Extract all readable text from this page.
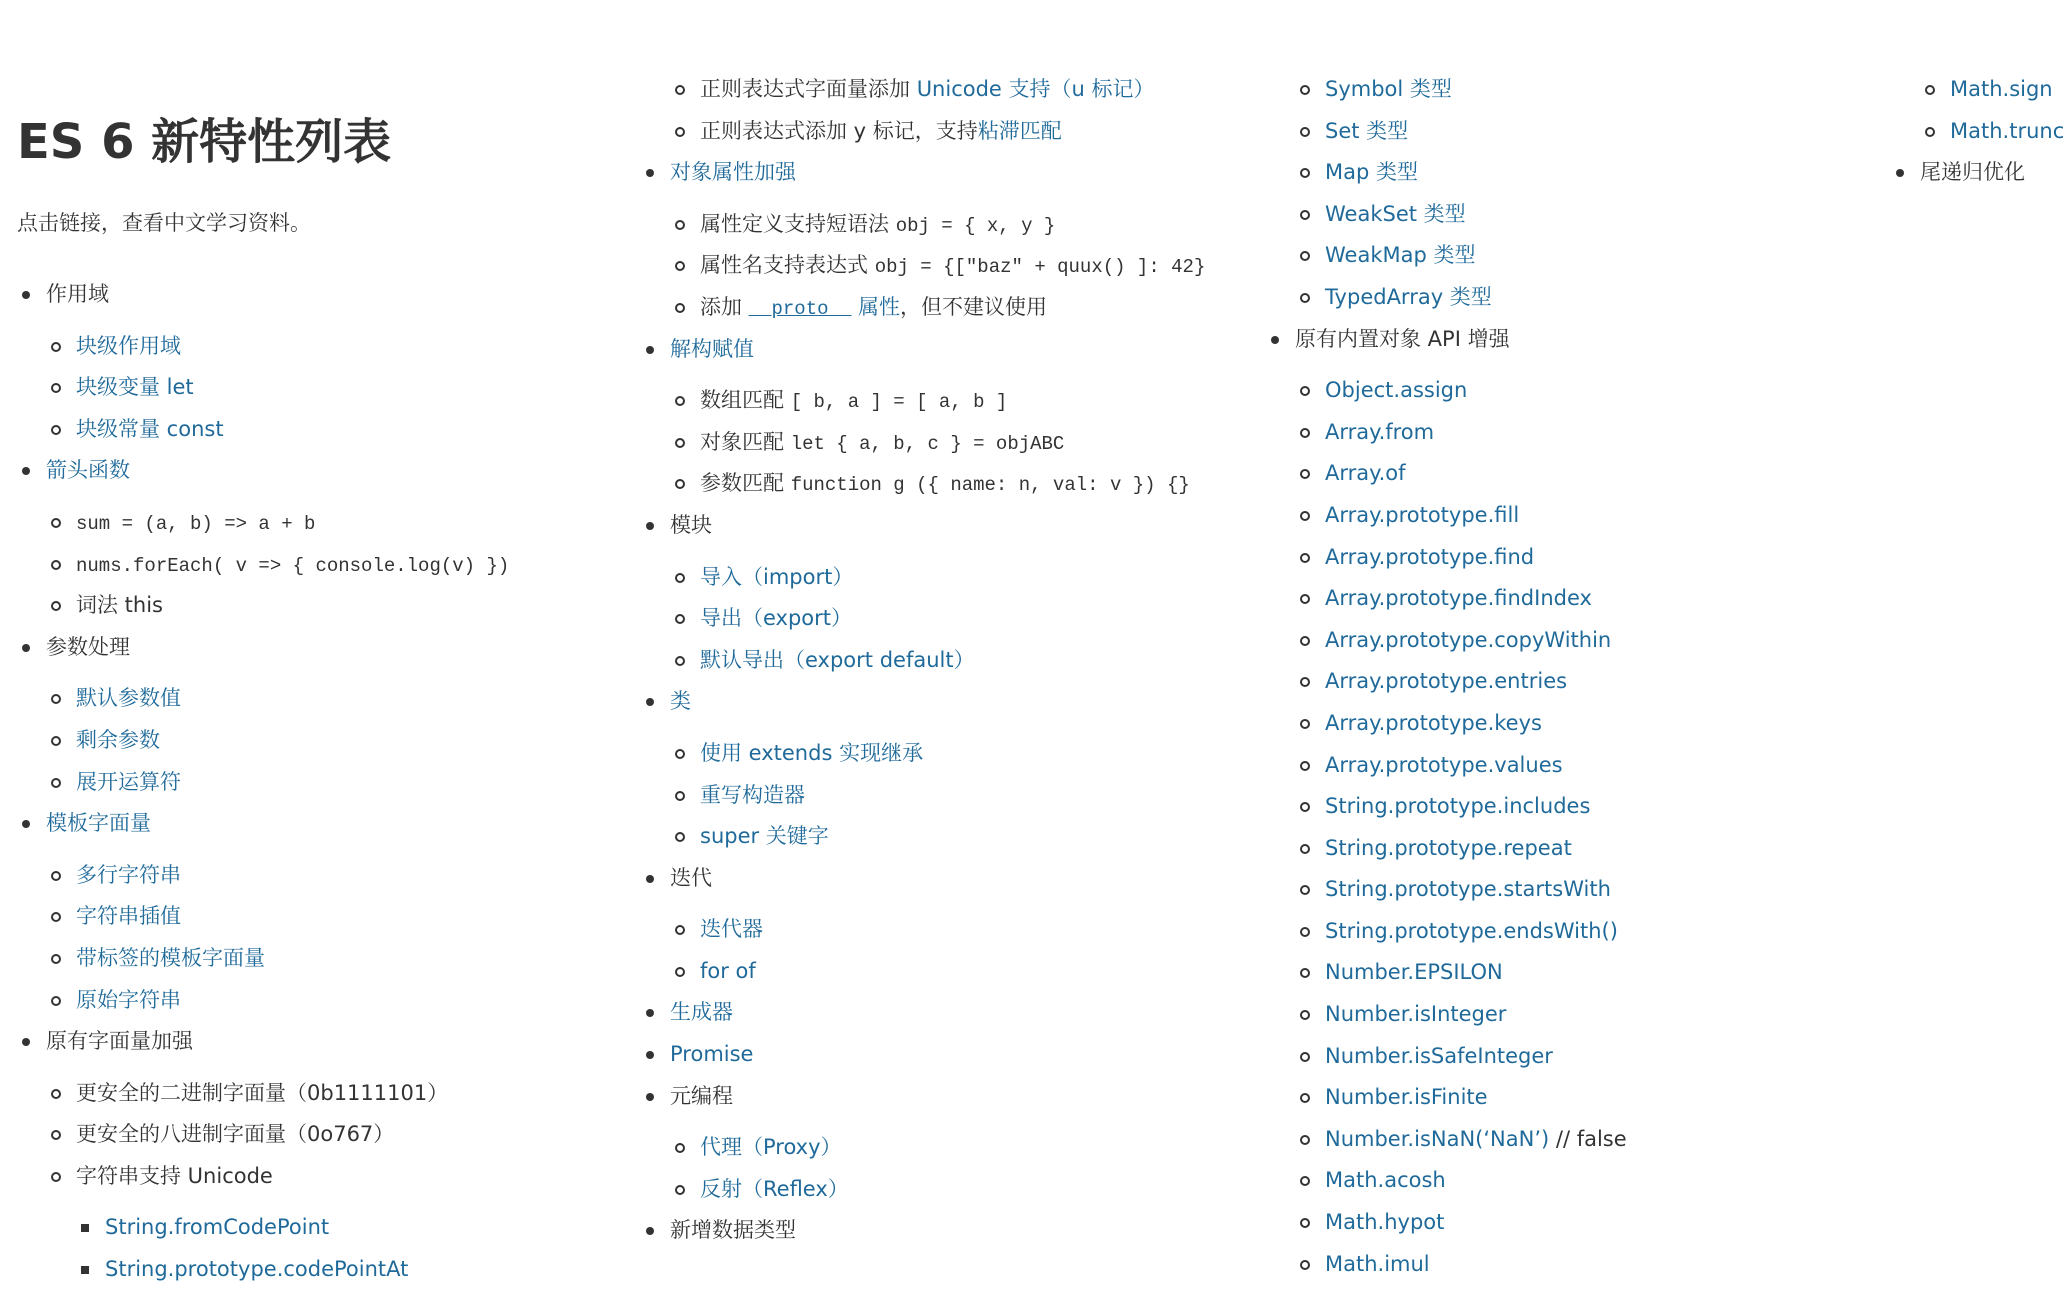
ES 6 新特性列表

点击链接，查看中文学习资料。

作用域
块级作用域
块级变量 let
块级常量 const
箭头函数
sum = (a, b) => a + b
nums.forEach( v => { console.log(v) })
词法 this
参数处理
默认参数值
剩余参数
展开运算符
模板字面量
多行字符串
字符串插值
带标签的模板字面量
原始字符串
原有字面量加强
更安全的二进制字面量（0b1111101）
更安全的八进制字面量（0o767）
字符串支持 Unicode
String.fromCodePoint
String.prototype.codePointAt
正则表达式字面量添加 Unicode 支持（u 标记）
正则表达式添加 y 标记，支持粘滞匹配
对象属性加强
属性定义支持短语法 obj = { x, y }
属性名支持表达式 obj = {["baz" + quux() ]: 42}
添加 __proto__ 属性，但不建议使用
解构赋值
数组匹配 [ b, a ] = [ a, b ]
对象匹配 let { a, b, c } = objABC
参数匹配 function g ({ name: n, val: v }) {}
模块
导入（import）
导出（export）
默认导出（export default）
类
使用 extends 实现继承
重写构造器
super 关键字
迭代
迭代器
for of
生成器
Promise
元编程
代理（Proxy）
反射（Reflex）
新增数据类型
Symbol 类型
Set 类型
Map 类型
WeakSet 类型
WeakMap 类型
TypedArray 类型
原有内置对象 API 增强
Object.assign
Array.from
Array.of
Array.prototype.fill
Array.prototype.find
Array.prototype.findIndex
Array.prototype.copyWithin
Array.prototype.entries
Array.prototype.keys
Array.prototype.values
String.prototype.includes
String.prototype.repeat
String.prototype.startsWith
String.prototype.endsWith()
Number.EPSILON
Number.isInteger
Number.isSafeInteger
Number.isFinite
Number.isNaN(‘NaN’) // false
Math.acosh
Math.hypot
Math.imul
Math.sign
Math.trunc
尾递归优化
